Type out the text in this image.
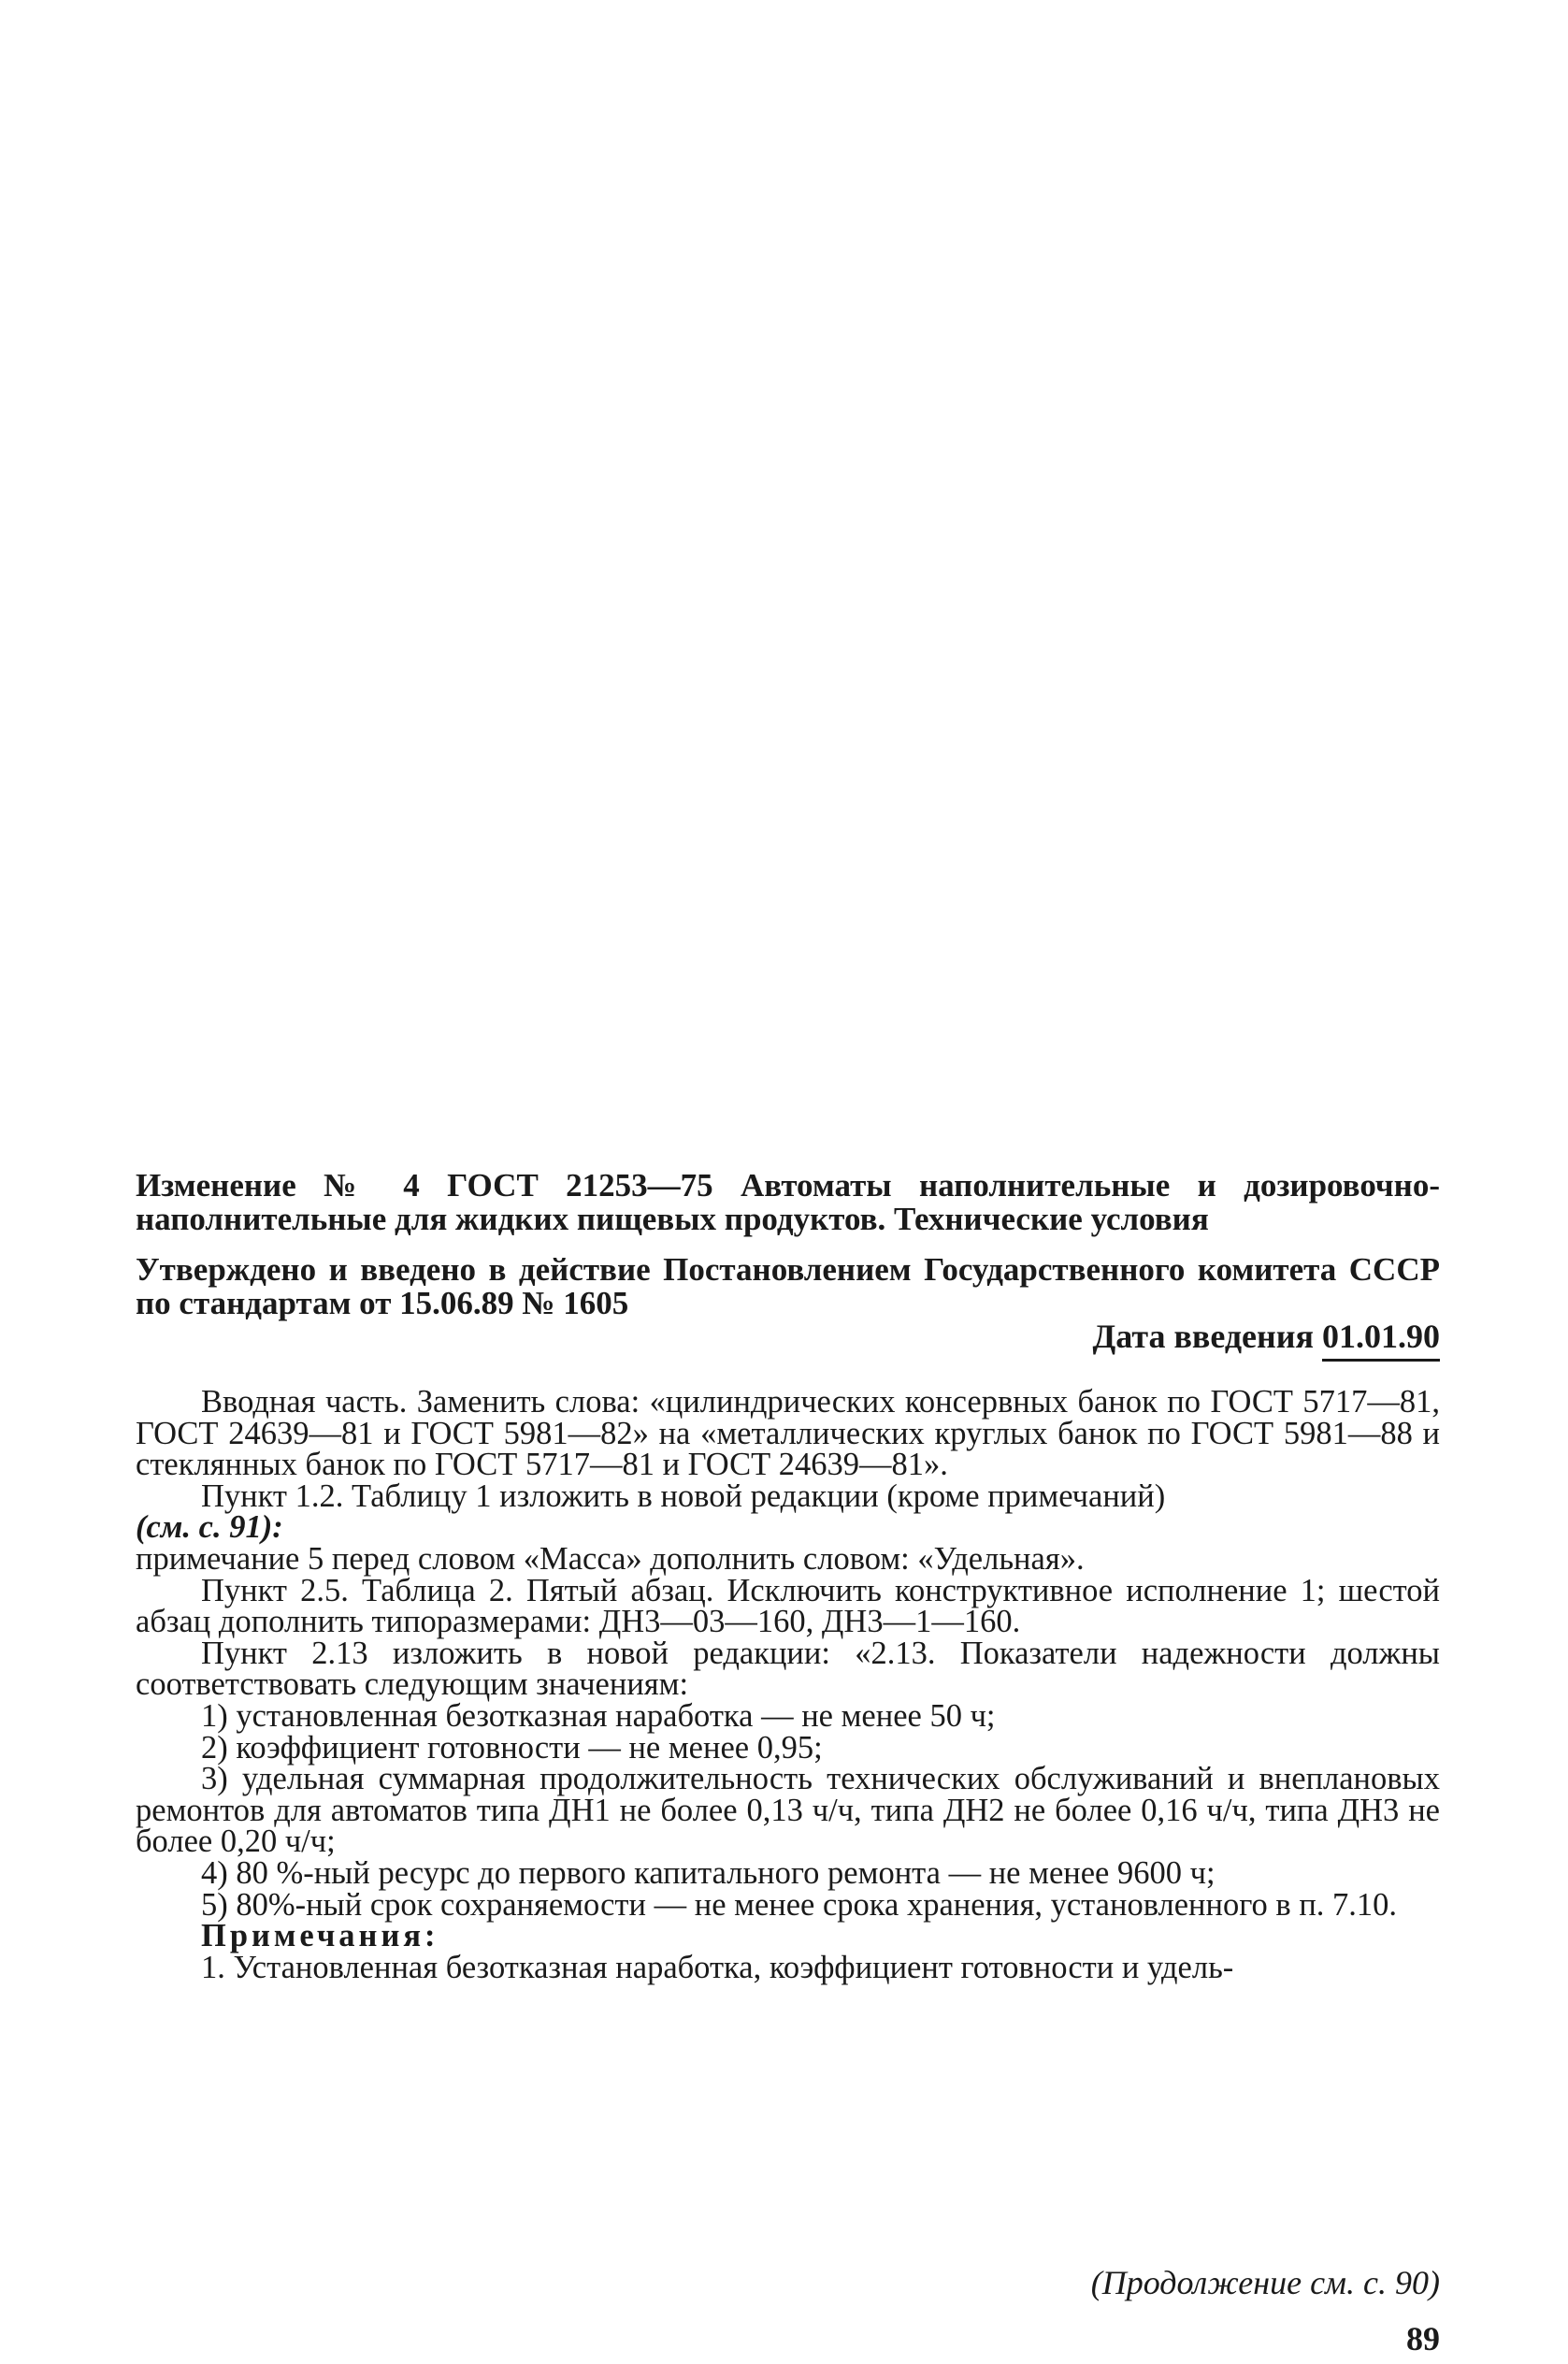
Изменение № 4 ГОСТ 21253—75 Автоматы наполнительные и дозировочно-наполнительные для жидких пищевых продуктов. Технические условия
Утверждено и введено в действие Постановлением Государственного комитета СССР по стандартам от 15.06.89 № 1605
Дата введения 01.01.90

Вводная часть. Заменить слова: «цилиндрических консервных банок по ГОСТ 5717—81, ГОСТ 24639—81 и ГОСТ 5981—82» на «металлических круглых банок по ГОСТ 5981—88 и стеклянных банок по ГОСТ 5717—81 и ГОСТ 24639—81».

Пункт 1.2. Таблицу 1 изложить в новой редакции (кроме примечаний)
(см. с. 91):

примечание 5 перед словом «Масса» дополнить словом: «Удельная».

Пункт 2.5. Таблица 2. Пятый абзац. Исключить конструктивное исполнение 1; шестой абзац дополнить типоразмерами: ДН3—03—160, ДН3—1—160.

Пункт 2.13 изложить в новой редакции: «2.13. Показатели надежности должны соответствовать следующим значениям:

1) установленная безотказная наработка — не менее 50 ч;

2) коэффициент готовности — не менее 0,95;

3) удельная суммарная продолжительность технических обслуживаний и внеплановых ремонтов для автоматов типа ДН1 не более 0,13 ч/ч, типа ДН2 не более 0,16 ч/ч, типа ДН3 не более 0,20 ч/ч;

4) 80 %-ный ресурс до первого капитального ремонта — не менее 9600 ч;

5) 80%-ный срок сохраняемости — не менее срока хранения, установленного в п. 7.10.

Примечания:

1. Установленная безотказная наработка, коэффициент готовности и удель-

(Продолжение см. с. 90)
89
